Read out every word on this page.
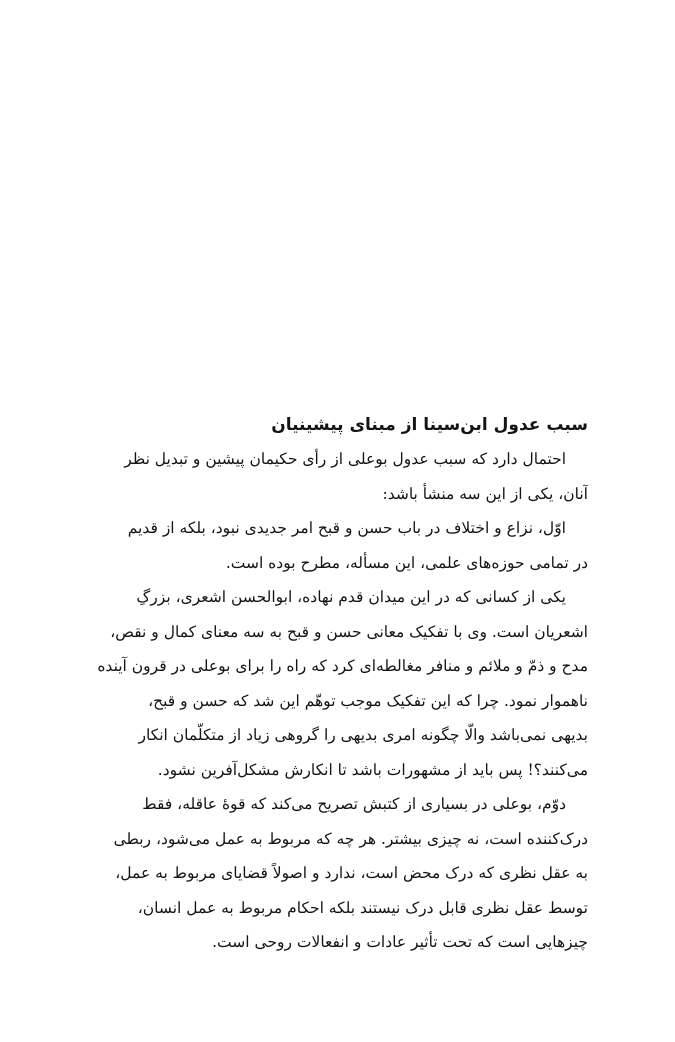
سبب عدول ابن‌سینا از مبنای پیشینیان

احتمال دارد که سبب عدول بوعلی از رأی حکیمان پیشین و تبدیل نظر
آنان، یکی از این سه منشأ باشد:

اوّل، نزاع و اختلاف در باب حسن و قبح امر جدیدی نبود، بلکه از قدیم
در تمامی حوزه‌های علمی، این مسأله، مطرح بوده است.

یکی از کسانی که در این میدان قدم نهاده، ابوالحسن اشعری، بزرگِ
اشعریان است. وی با تفکیک معانی حسن و قبح به سه معنای کمال و نقص،
مدح و ذمّ و ملائم و منافر مغالطه‌ای کرد که راه را برای بوعلی در قرون آینده
ناهموار نمود. چرا که این تفکیک موجب توهّم این شد که حسن و قبح،
بدیهی نمی‌باشد والّا چگونه امری بدیهی را گروهی زیاد از متکلّمان انکار
می‌کنند؟! پس باید از مشهورات باشد تا انکارش مشکل‌آفرین نشود.

دوّم، بوعلی در بسیاری از کتبش تصریح می‌کند که قوهٔ عاقله، فقط
درک‌کننده است، نه چیزی بیشتر. هر چه که مربوط به عمل می‌شود، ربطی
به عقل نظری که درک محض است، ندارد و اصولاً قضایای مربوط به عمل،
توسط عقل نظری قابل درک نیستند بلکه احکام مربوط به عمل انسان،
چیزهایی است که تحت تأثیر عادات و انفعالات روحی است.
